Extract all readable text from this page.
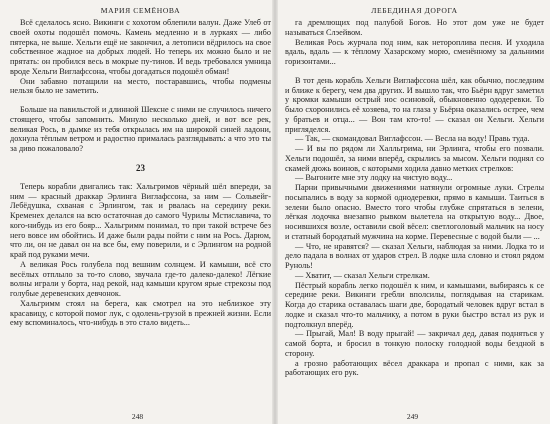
МАРИЯ СЕМЁНОВА

Всё сделалось ясно. Викинги с хохотом облепили валун. Даже Улеб от своей охоты подошёл помочь. Камень медленно и в луркаях — либо пятерка, не выше. Хельги ещё не закончил, а летописи вёдрилось на свое собственное жадное на добрых людей. Но теперь их можно было и не прятать: он пробился весь в мокрые пу-тинов. И ведь требовался умница вроде Хельги Виглафссона, чтобы догадаться подошёл обман!

Они забавно потащили на место, постаравшись, чтобы подмены нельзя было не заметить.

Больше на павильстой и длинной Шексне с ними не случилось ничего стоящего, чтобы запомнить. Минуло несколько дней, и вот все рек, великая Рось, в дымке из тебя открылась им на широкой синей ладони, дохнула тёплым ветром и радостно прималась разглядывать: а что это ты за диво пожаловало?

23

Теперь корабли двигались так: Хальгримов чёрный шёл впереди, за ним — красный драккар Эрлинга Виглафссона, за ним — Сольвейг-Лебёдушка, схваная с Эрлингом, так и рвалась на середину реки. Кременех делался на всю остаточная до самого Чурилы Мстиславича, то кого-нибудь из его бояр... Хальгримм понимал, то при такой встрече без него вовсе им обойтись. И даже были рады пойти с ним на Рось. Дарюм, что ли, он не давал он на все бы, ему поверили, и с Эрлингом на родной край под руками мечи.

А великая Рось голубела под вешним солнцем. И камыши, всё сто весёлых отплыло за то-то слово, звучала где-то далеко-далеко! Лёгкие волны играли у борта, над рекой, над камыши кругом ярые стрекозы под голубые деревенских девчонок.

Хальгримм стоял на берега, как смотрел на это неблизкое эту красавицу, с которой помог лук, с одолень-грузой в прежней жизни. Если ему вспоминалось, что-нибудь в это стало видеть...

248
ЛЕБЕДИНАЯ ДОРОГА

га дремлющих под палубой Богов. Но этот дом уже не будет называться Слэейвом.

Великая Рось журчала под ним, как нетороплива песня. И уходила вдаль, вдаль — к тёплому Хазарскому морю, сменённому за дальними горизонтами...

В тот день корабль Хельги Виглафссона шёл, как обычно, последним и ближе к берегу, чем два других. И вышло так, что Бьёрн вдруг заметил у кромки камыши острый нос осиновой, обыкновенно ододеревки. То было схоронились её хозяева, то на глаза у Бьёрна оказались острее, чем у братьев и отца... — Вон там кто-то! — сказал он Хельги. Хельги пригляделся.

— Так, — скомандовал Виглафссон. — Весла на воду! Правь туда.

— И вы по рядом ли Халльгрима, ни Эрлинга, чтобы его позвали. Хельги подошёл, за ними вперёд, скрылись за мысом. Хельги поднял со скамей дюжь воинов, с которыми ходила давно метких стрелков:

— Выгоните мне эту лодку на чистую воду...

Парни привычными движениями натянули огромные луки. Стрелы посыпались в воду за кормой однодеревки, прямо в камыши. Таиться в зелени было опасно. Вместо того чтобы глубже спрятаться в зелени, лёгкая лодочка внезапно рывком вылетела на открытую воду... Двое, носившихся возле, оставили свой вёсел: светлоголовый мальчик на носу и статный бородатый мужчина на корме. Перевесные с водой были — ...

— Что, не нравятся? — сказал Хельги, наблюдая за ними. Лодка то и дело падала в волнах от ударов стрел. В лодке шла словно и стоял рядом Руноль!

— Хватит, — сказал Хельги стрелкам.

Пёстрый корабль легко подошёл к ним, и камышами, выбираясь к се середине реки. Викинги гребли вполсилы, поглядывая на старикам. Когда до старика оставалась шаги две, бородатый человек вдруг встал в лодке и сказал что-то мальчику, а потом в руки быстро встал из рук и подтолкнул вперёд.

— Прыгай, Мал! В воду прыгай! — закричал дед, давая подняться у самой борта, и бросил в тонкую полоску голодной воды бездной в сторону.

а грозно работающих вёсел драккара и пропал с ними, как за работающих его рук.

249
